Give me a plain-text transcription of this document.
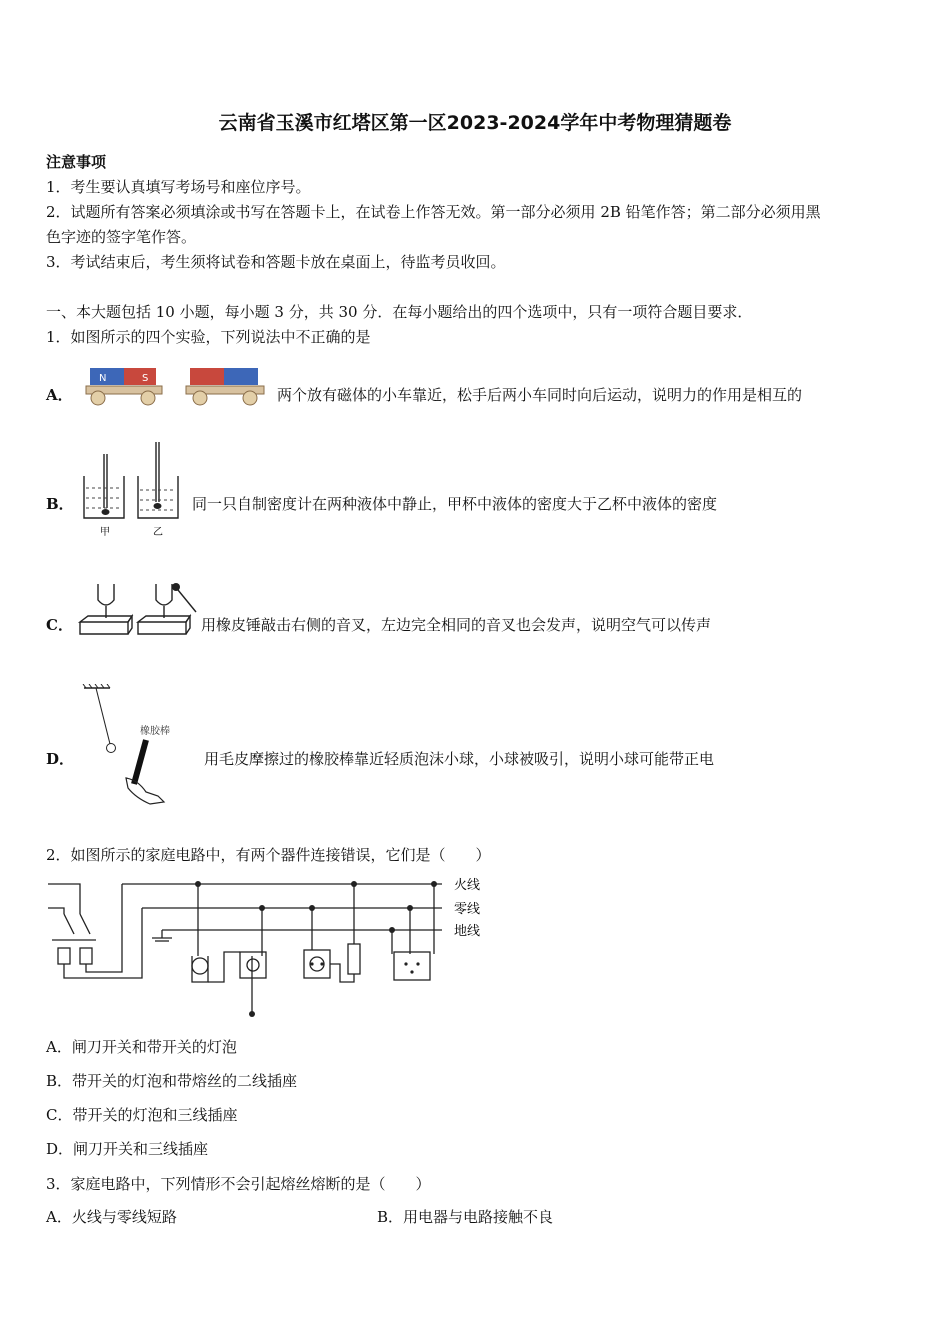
云南省玉溪市红塔区第一区2023-2024学年中考物理猜题卷
注意事项
1．考生要认真填写考场号和座位序号。
2．试题所有答案必须填涂或书写在答题卡上，在试卷上作答无效。第一部分必须用 2B 铅笔作答；第二部分必须用黑
色字迹的签字笔作答。
3．考试结束后，考生须将试卷和答题卡放在桌面上，待监考员收回。
一、本大题包括 10 小题，每小题 3 分，共 30 分．在每小题给出的四个选项中，只有一项符合题目要求．
1．如图所示的四个实验，下列说法中不正确的是
A．
N	S
两个放有磁体的小车靠近，松手后两小车同时向后运动，说明力的作用是相互的
B．
甲	乙
同一只自制密度计在两种液体中静止，甲杯中液体的密度大于乙杯中液体的密度
C．	用橡皮锤敲击右侧的音叉，左边完全相同的音叉也会发声，说明空气可以传声
D．
橡胶棒
用毛皮摩擦过的橡胶棒靠近轻质泡沫小球，小球被吸引，说明小球可能带正电
2．如图所示的家庭电路中，有两个器件连接错误，它们是（　　）
火线
零线
地线
A．闸刀开关和带开关的灯泡
B．带开关的灯泡和带熔丝的二线插座
C．带开关的灯泡和三线插座
D．闸刀开关和三线插座
3．家庭电路中，下列情形不会引起熔丝熔断的是（　　）
A．火线与零线短路	B．用电器与电路接触不良
